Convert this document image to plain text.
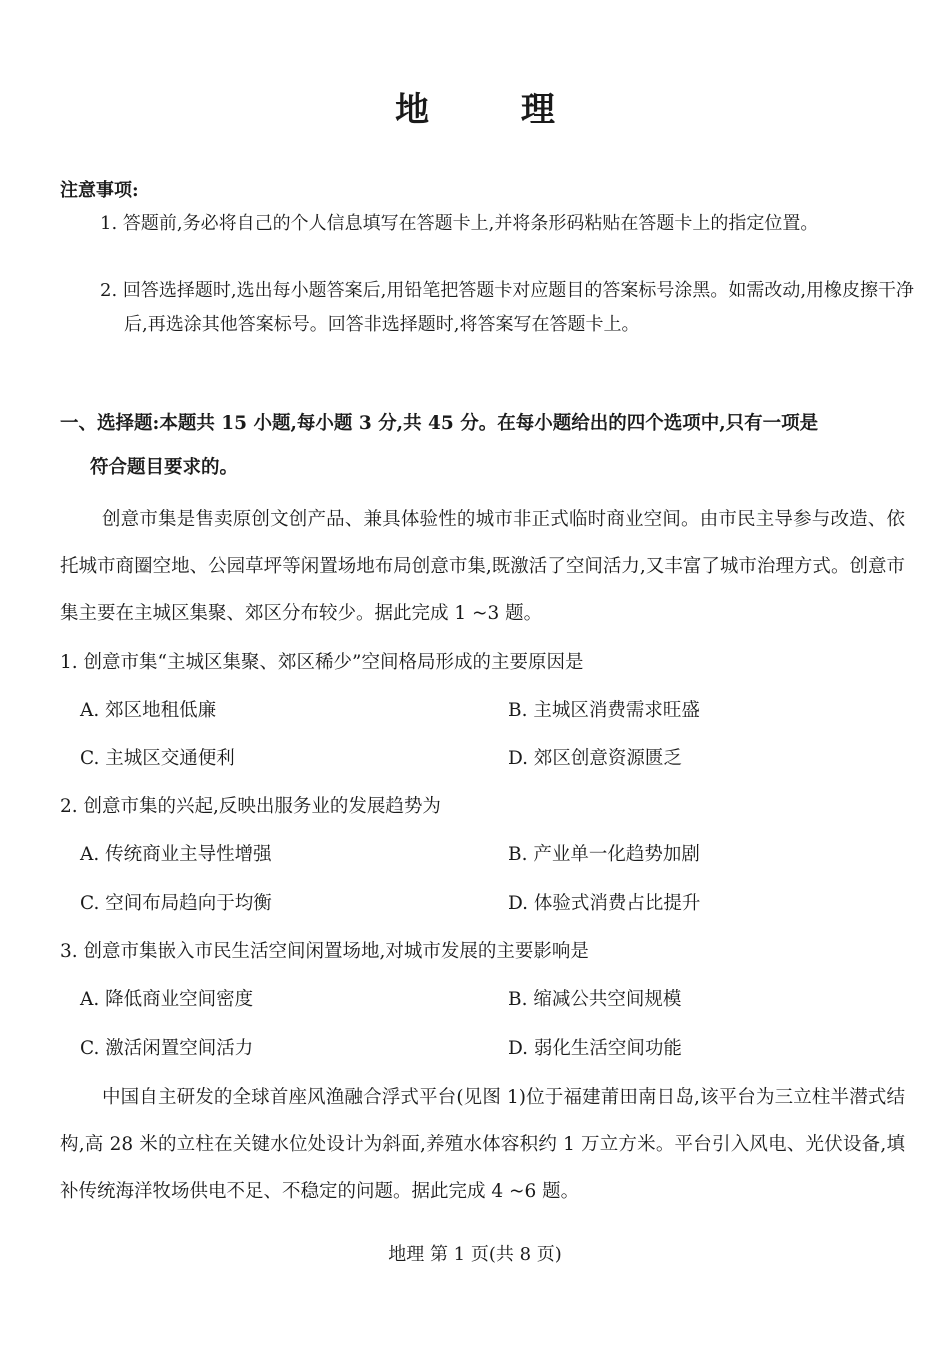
地 理
注意事项:
1. 答题前,务必将自己的个人信息填写在答题卡上,并将条形码粘贴在答题卡上的指定位置。
2. 回答选择题时,选出每小题答案后,用铅笔把答题卡对应题目的答案标号涂黑。如需改动,用橡皮擦干净后,再选涂其他答案标号。回答非选择题时,将答案写在答题卡上。
一、选择题:本题共 15 小题,每小题 3 分,共 45 分。在每小题给出的四个选项中,只有一项是
符合题目要求的。
创意市集是售卖原创文创产品、兼具体验性的城市非正式临时商业空间。由市民主导参与改造、依托城市商圈空地、公园草坪等闲置场地布局创意市集,既激活了空间活力,又丰富了城市治理方式。创意市集主要在主城区集聚、郊区分布较少。据此完成 1 ~3 题。
1. 创意市集“主城区集聚、郊区稀少”空间格局形成的主要原因是
A. 郊区地租低廉	B. 主城区消费需求旺盛
C. 主城区交通便利	D. 郊区创意资源匮乏
2. 创意市集的兴起,反映出服务业的发展趋势为
A. 传统商业主导性增强	B. 产业单一化趋势加剧
C. 空间布局趋向于均衡	D. 体验式消费占比提升
3. 创意市集嵌入市民生活空间闲置场地,对城市发展的主要影响是
A. 降低商业空间密度	B. 缩减公共空间规模
C. 激活闲置空间活力	D. 弱化生活空间功能
中国自主研发的全球首座风渔融合浮式平台(见图 1)位于福建莆田南日岛,该平台为三立柱半潜式结构,高 28 米的立柱在关键水位处设计为斜面,养殖水体容积约 1 万立方米。平台引入风电、光伏设备,填补传统海洋牧场供电不足、不稳定的问题。据此完成 4 ~6 题。
地理 第 1 页(共 8 页)
